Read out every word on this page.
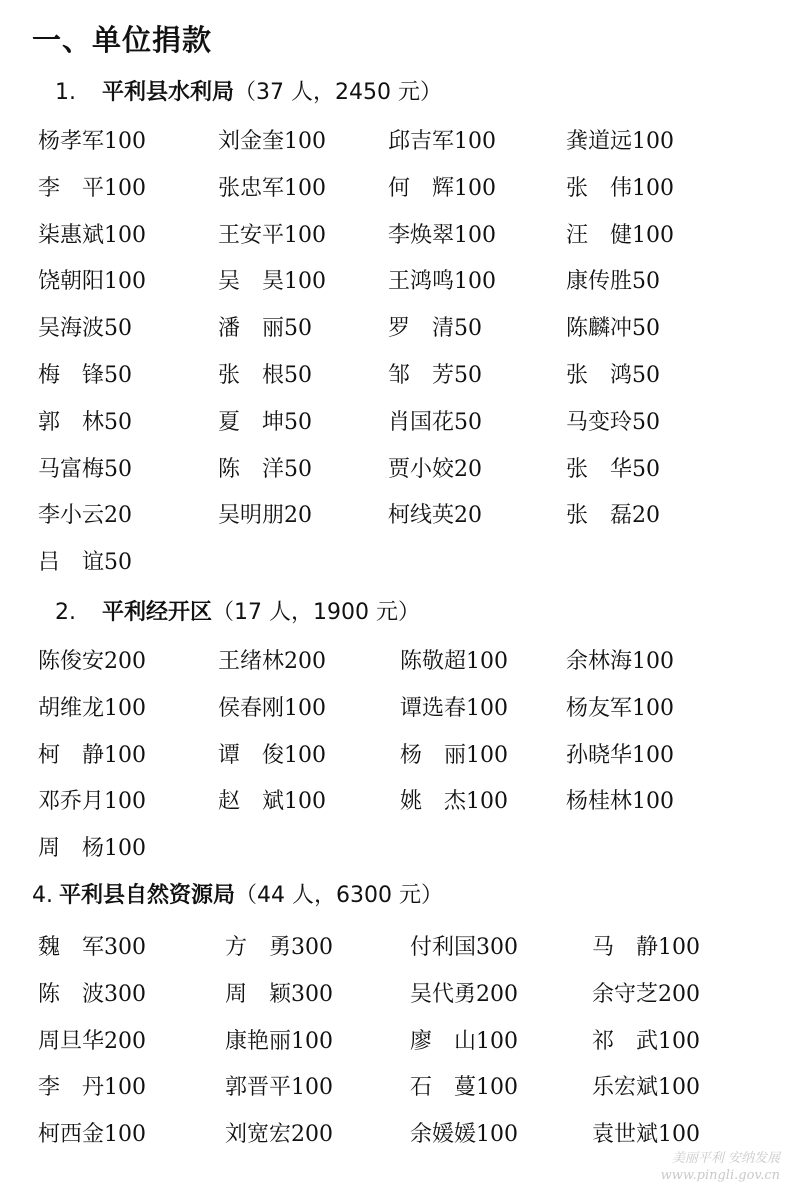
一、单位捐款
1. 平利县水利局（37 人，2450 元）
杨孝军100	刘金奎100	邱吉军100	龚道远100
李　平100	张忠军100	何　辉100	张　伟100
柒惠斌100	王安平100	李焕翠100	汪　健100
饶朝阳100	吴　昊100	王鸿鸣100	康传胜50
吴海波50	潘　丽50	罗　清50	陈麟冲50
梅　锋50	张　根50	邹　芳50	张　鸿50
郭　林50	夏　坤50	肖国花50	马变玲50
马富梅50	陈　洋50	贾小姣20	张　华50
李小云20	吴明朋20	柯线英20	张　磊20
吕　谊50
2. 平利经开区（17 人，1900 元）
陈俊安200	王绪林200	陈敬超100	余林海100
胡维龙100	侯春刚100	谭选春100	杨友军100
柯　静100	谭　俊100	杨　丽100	孙晓华100
邓乔月100	赵　斌100	姚　杰100	杨桂林100
周　杨100
4. 平利县自然资源局（44 人，6300 元）
魏　军300	方　勇300	付利国300	马　静100
陈　波300	周　颖300	吴代勇200	余守芝200
周旦华200	康艳丽100	廖　山100	祁　武100
李　丹100	郭晋平100	石　蔓100	乐宏斌100
柯西金100	刘宽宏200	余媛媛100	袁世斌100
美丽平利 安纳发展
www.pingli.gov.cn
